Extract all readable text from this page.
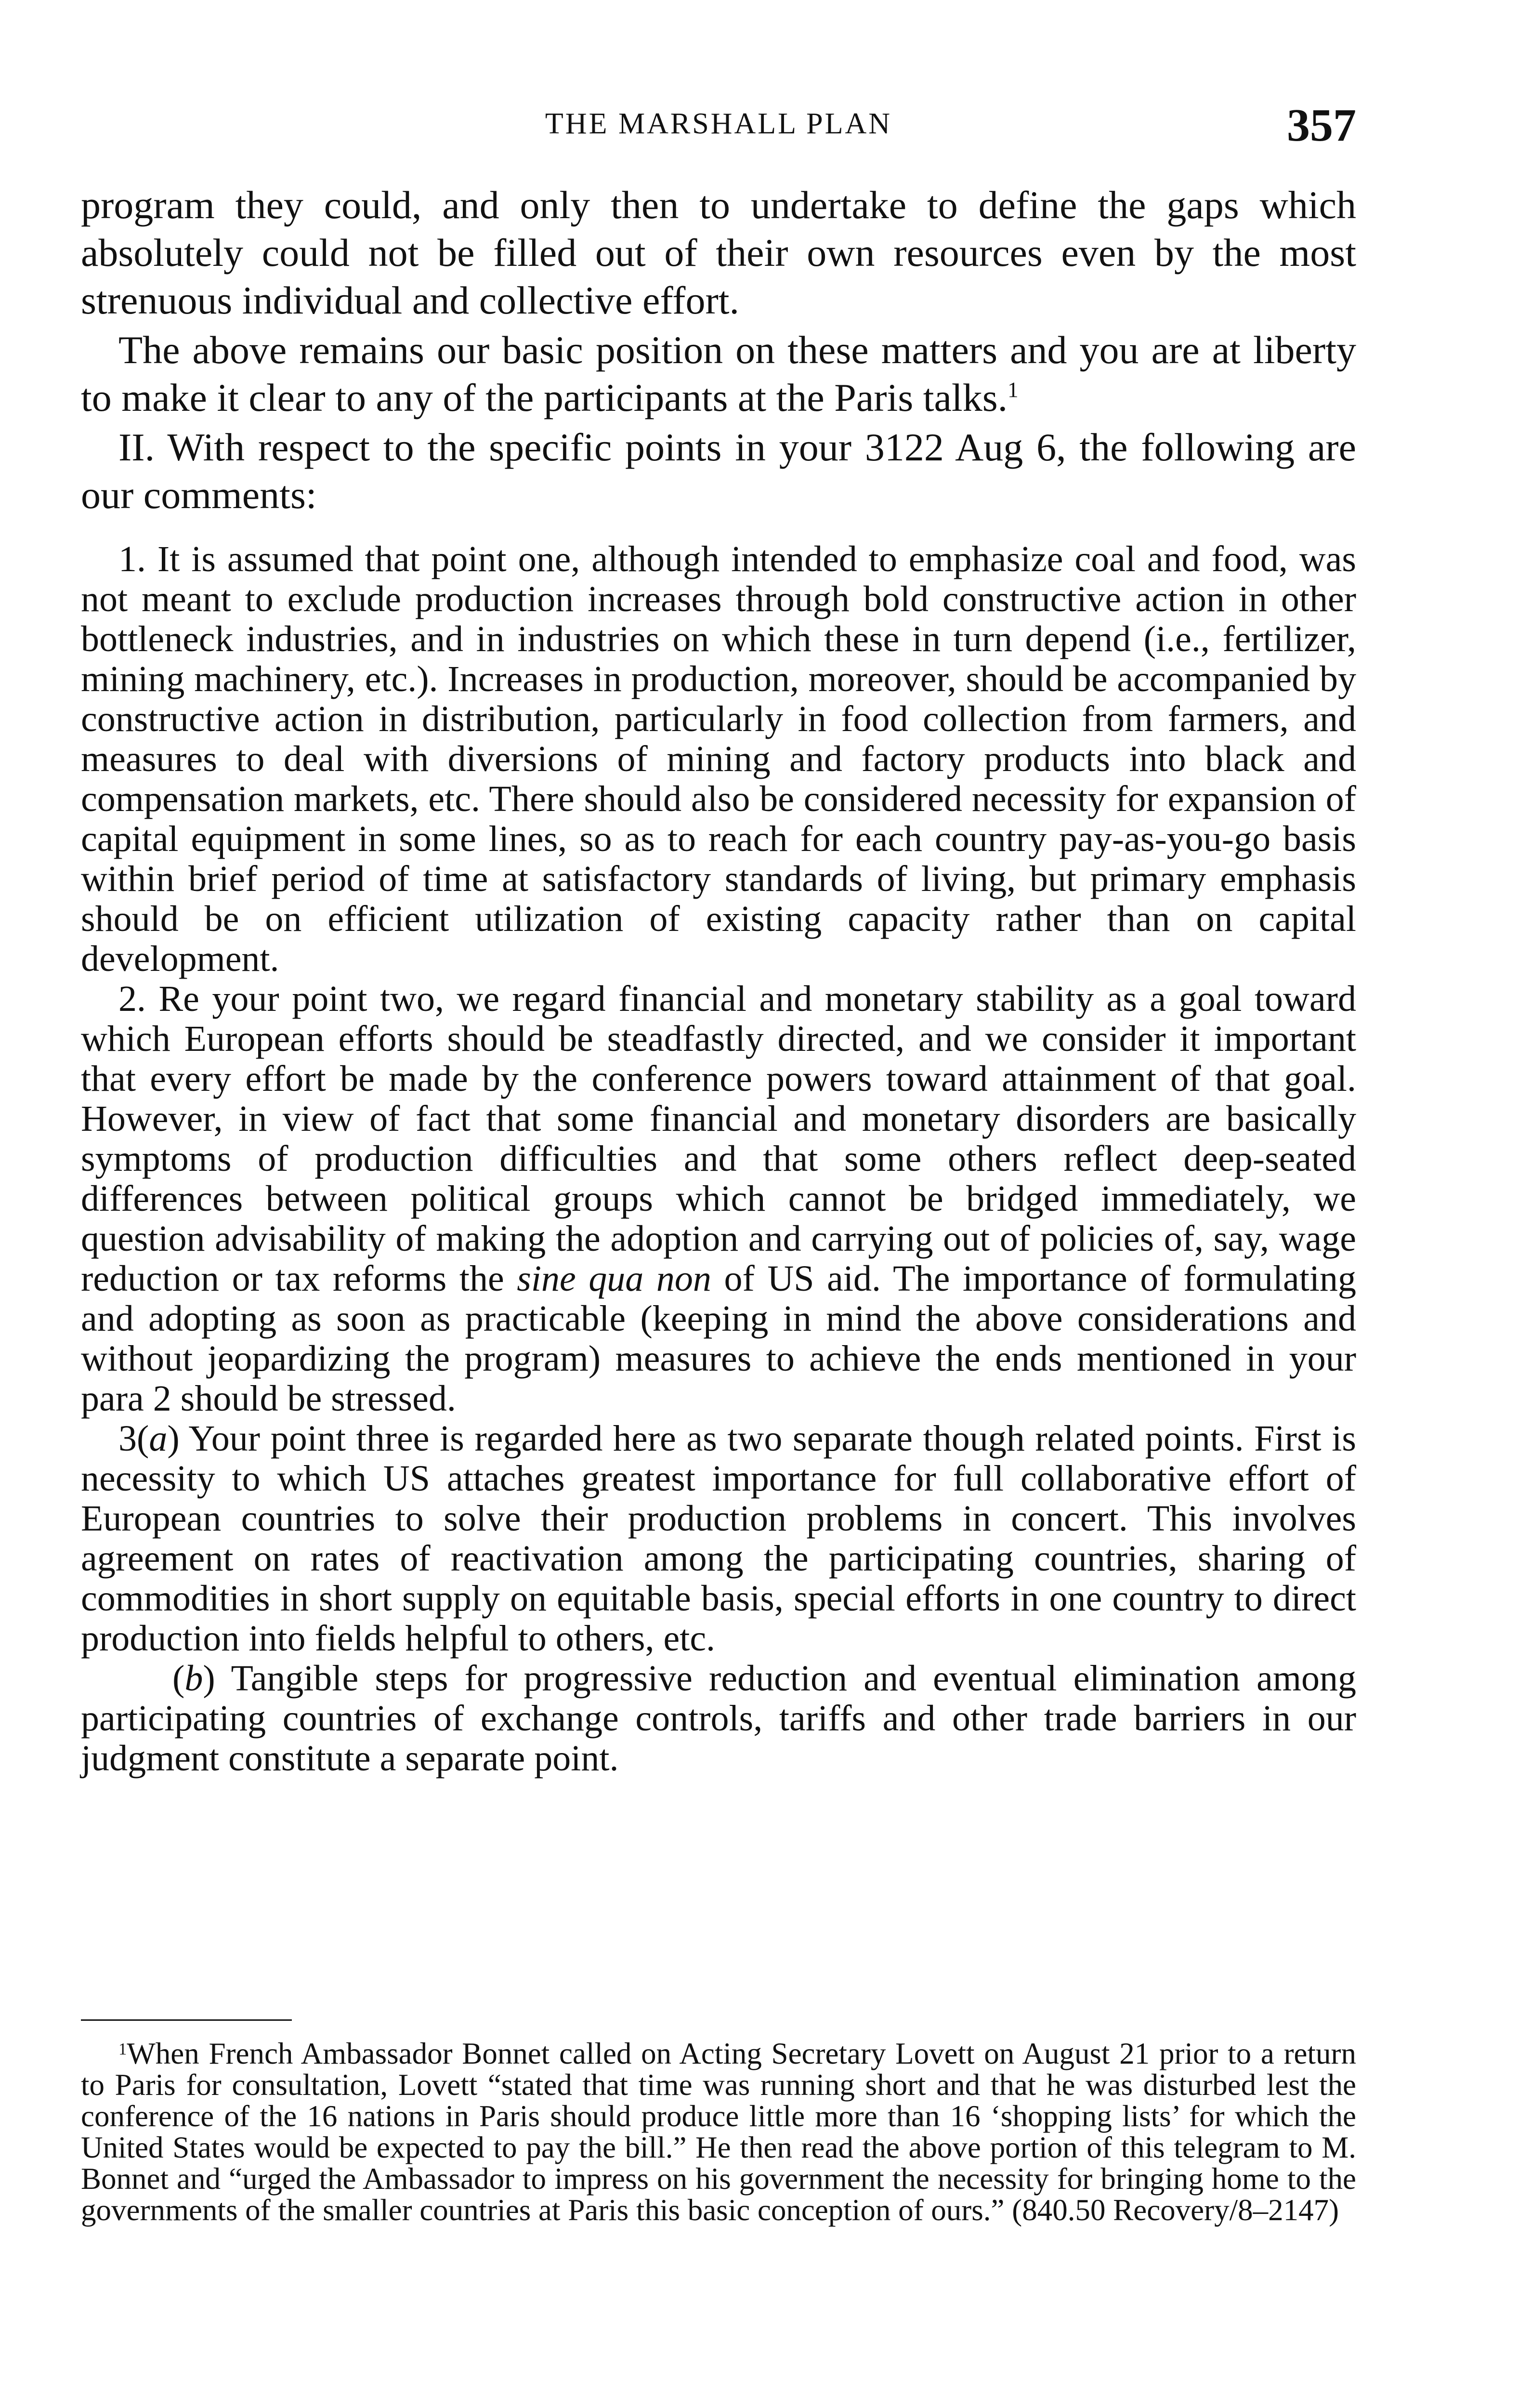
THE MARSHALL PLAN	357

program they could, and only then to undertake to define the gaps which absolutely could not be filled out of their own resources even by the most strenuous individual and collective effort.

The above remains our basic position on these matters and you are at liberty to make it clear to any of the participants at the Paris talks.$^1$

II. With respect to the specific points in your 3122 Aug 6, the following are our comments:

1. It is assumed that point one, although intended to emphasize coal and food, was not meant to exclude production increases through bold constructive action in other bottleneck industries, and in industries on which these in turn depend (i.e., fertilizer, mining machinery, etc.). Increases in production, moreover, should be accompanied by constructive action in distribution, particularly in food collection from farmers, and measures to deal with diversions of mining and factory products into black and compensation markets, etc. There should also be considered necessity for expansion of capital equipment in some lines, so as to reach for each country pay-as-you-go basis within brief period of time at satisfactory standards of living, but primary emphasis should be on efficient utilization of existing capacity rather than on capital development.

2. Re your point two, we regard financial and monetary stability as a goal toward which European efforts should be steadfastly directed, and we consider it important that every effort be made by the conference powers toward attainment of that goal. However, in view of fact that some financial and monetary disorders are basically symptoms of production difficulties and that some others reflect deep-seated differences between political groups which cannot be bridged immediately, we question advisability of making the adoption and carrying out of policies of, say, wage reduction or tax reforms the sine qua non of US aid. The importance of formulating and adopting as soon as practicable (keeping in mind the above considerations and without jeopardizing the program) measures to achieve the ends mentioned in your para 2 should be stressed.

3(a) Your point three is regarded here as two separate though related points. First is necessity to which US attaches greatest importance for full collaborative effort of European countries to solve their production problems in concert. This involves agreement on rates of reactivation among the participating countries, sharing of commodities in short supply on equitable basis, special efforts in one country to direct production into fields helpful to others, etc.

(b) Tangible steps for progressive reduction and eventual elimination among participating countries of exchange controls, tariffs and other trade barriers in our judgment constitute a separate point.

$^1$When French Ambassador Bonnet called on Acting Secretary Lovett on August 21 prior to a return to Paris for consultation, Lovett “stated that time was running short and that he was disturbed lest the conference of the 16 nations in Paris should produce little more than 16 ‘shopping lists’ for which the United States would be expected to pay the bill.” He then read the above portion of this telegram to M. Bonnet and “urged the Ambassador to impress on his government the necessity for bringing home to the governments of the smaller countries at Paris this basic conception of ours.” (840.50 Recovery/8–2147)
